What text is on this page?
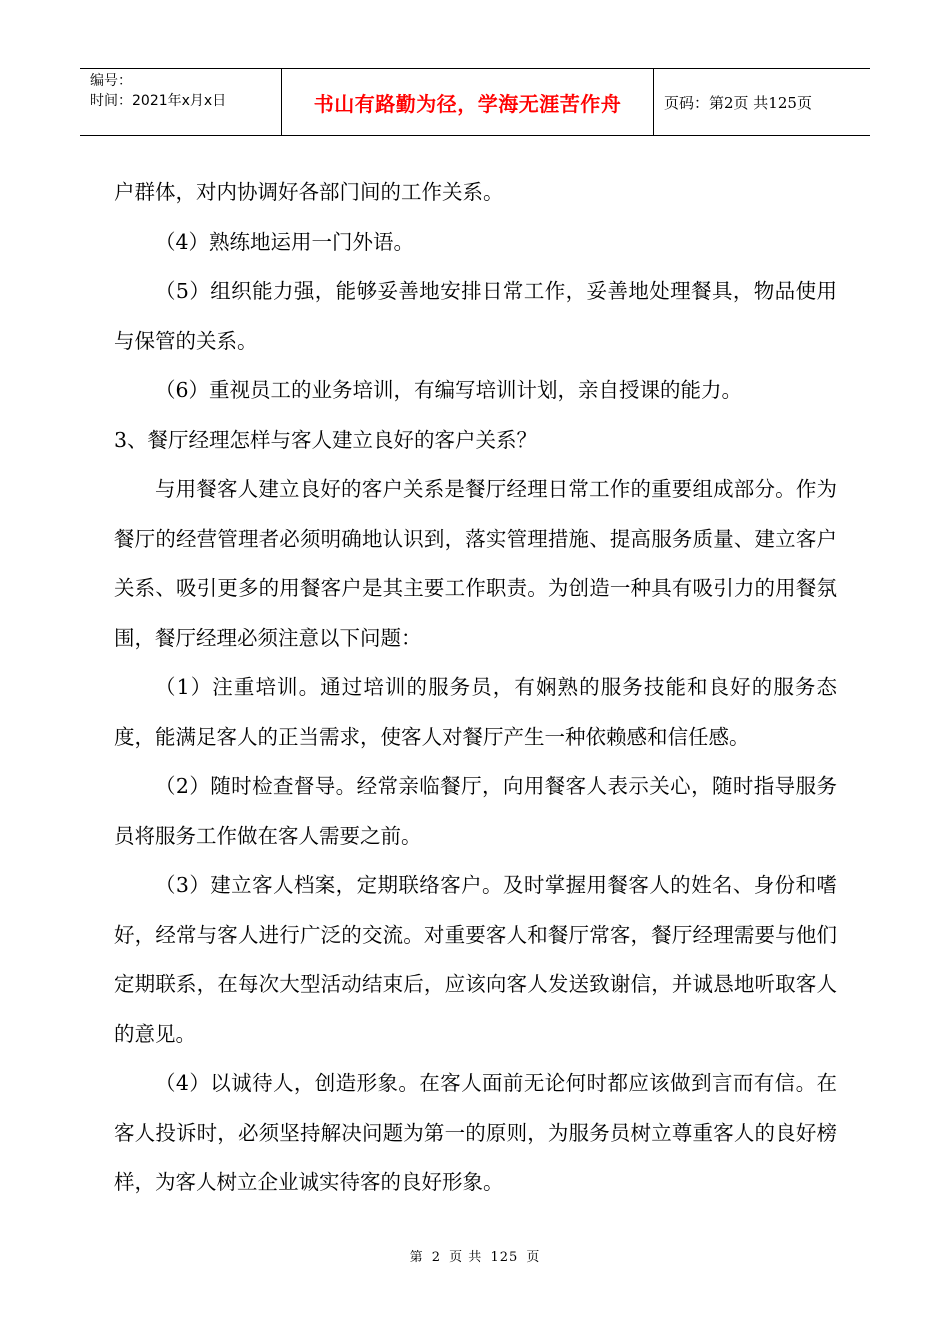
编号：
时间：2021年x月x日	书山有路勤为径，学海无涯苦作舟	页码：第2页 共125页

户群体，对内协调好各部门间的工作关系。

（4）熟练地运用一门外语。

（5）组织能力强，能够妥善地安排日常工作，妥善地处理餐具，物品使用与保管的关系。

（6）重视员工的业务培训，有编写培训计划，亲自授课的能力。

3、餐厅经理怎样与客人建立良好的客户关系？

与用餐客人建立良好的客户关系是餐厅经理日常工作的重要组成部分。作为餐厅的经营管理者必须明确地认识到，落实管理措施、提高服务质量、建立客户关系、吸引更多的用餐客户是其主要工作职责。为创造一种具有吸引力的用餐氛围，餐厅经理必须注意以下问题：

（1）注重培训。通过培训的服务员，有娴熟的服务技能和良好的服务态度，能满足客人的正当需求，使客人对餐厅产生一种依赖感和信任感。

（2）随时检查督导。经常亲临餐厅，向用餐客人表示关心，随时指导服务员将服务工作做在客人需要之前。

（3）建立客人档案，定期联络客户。及时掌握用餐客人的姓名、身份和嗜好，经常与客人进行广泛的交流。对重要客人和餐厅常客，餐厅经理需要与他们定期联系，在每次大型活动结束后，应该向客人发送致谢信，并诚恳地听取客人的意见。

（4）以诚待人，创造形象。在客人面前无论何时都应该做到言而有信。在客人投诉时，必须坚持解决问题为第一的原则，为服务员树立尊重客人的良好榜样，为客人树立企业诚实待客的良好形象。

第 2 页 共 125 页
